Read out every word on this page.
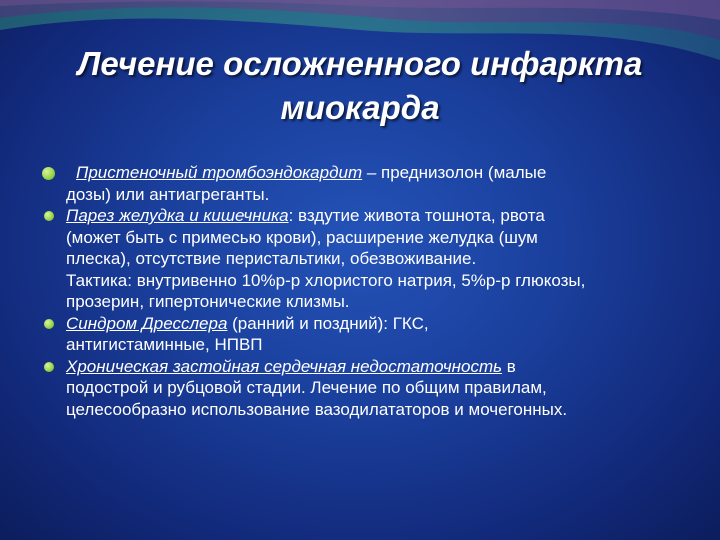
Лечение осложненного инфаркта
миокарда
Пристеночный тромбоэндокардит – преднизолон (малые
дозы) или антиагреганты.
Парез желудка и кишечника: вздутие живота тошнота, рвота
(может быть с примесью крови), расширение желудка (шум
плеска), отсутствие перистальтики, обезвоживание.
Тактика: внутривенно 10%р-р хлористого натрия, 5%р-р глюкозы,
прозерин, гипертонические клизмы.
Синдром Дресслера (ранний и поздний): ГКС,
антигистаминные, НПВП
Хроническая застойная сердечная недостаточность в
подострой и рубцовой стадии. Лечение по общим правилам,
целесообразно использование вазодилататоров и мочегонных.
